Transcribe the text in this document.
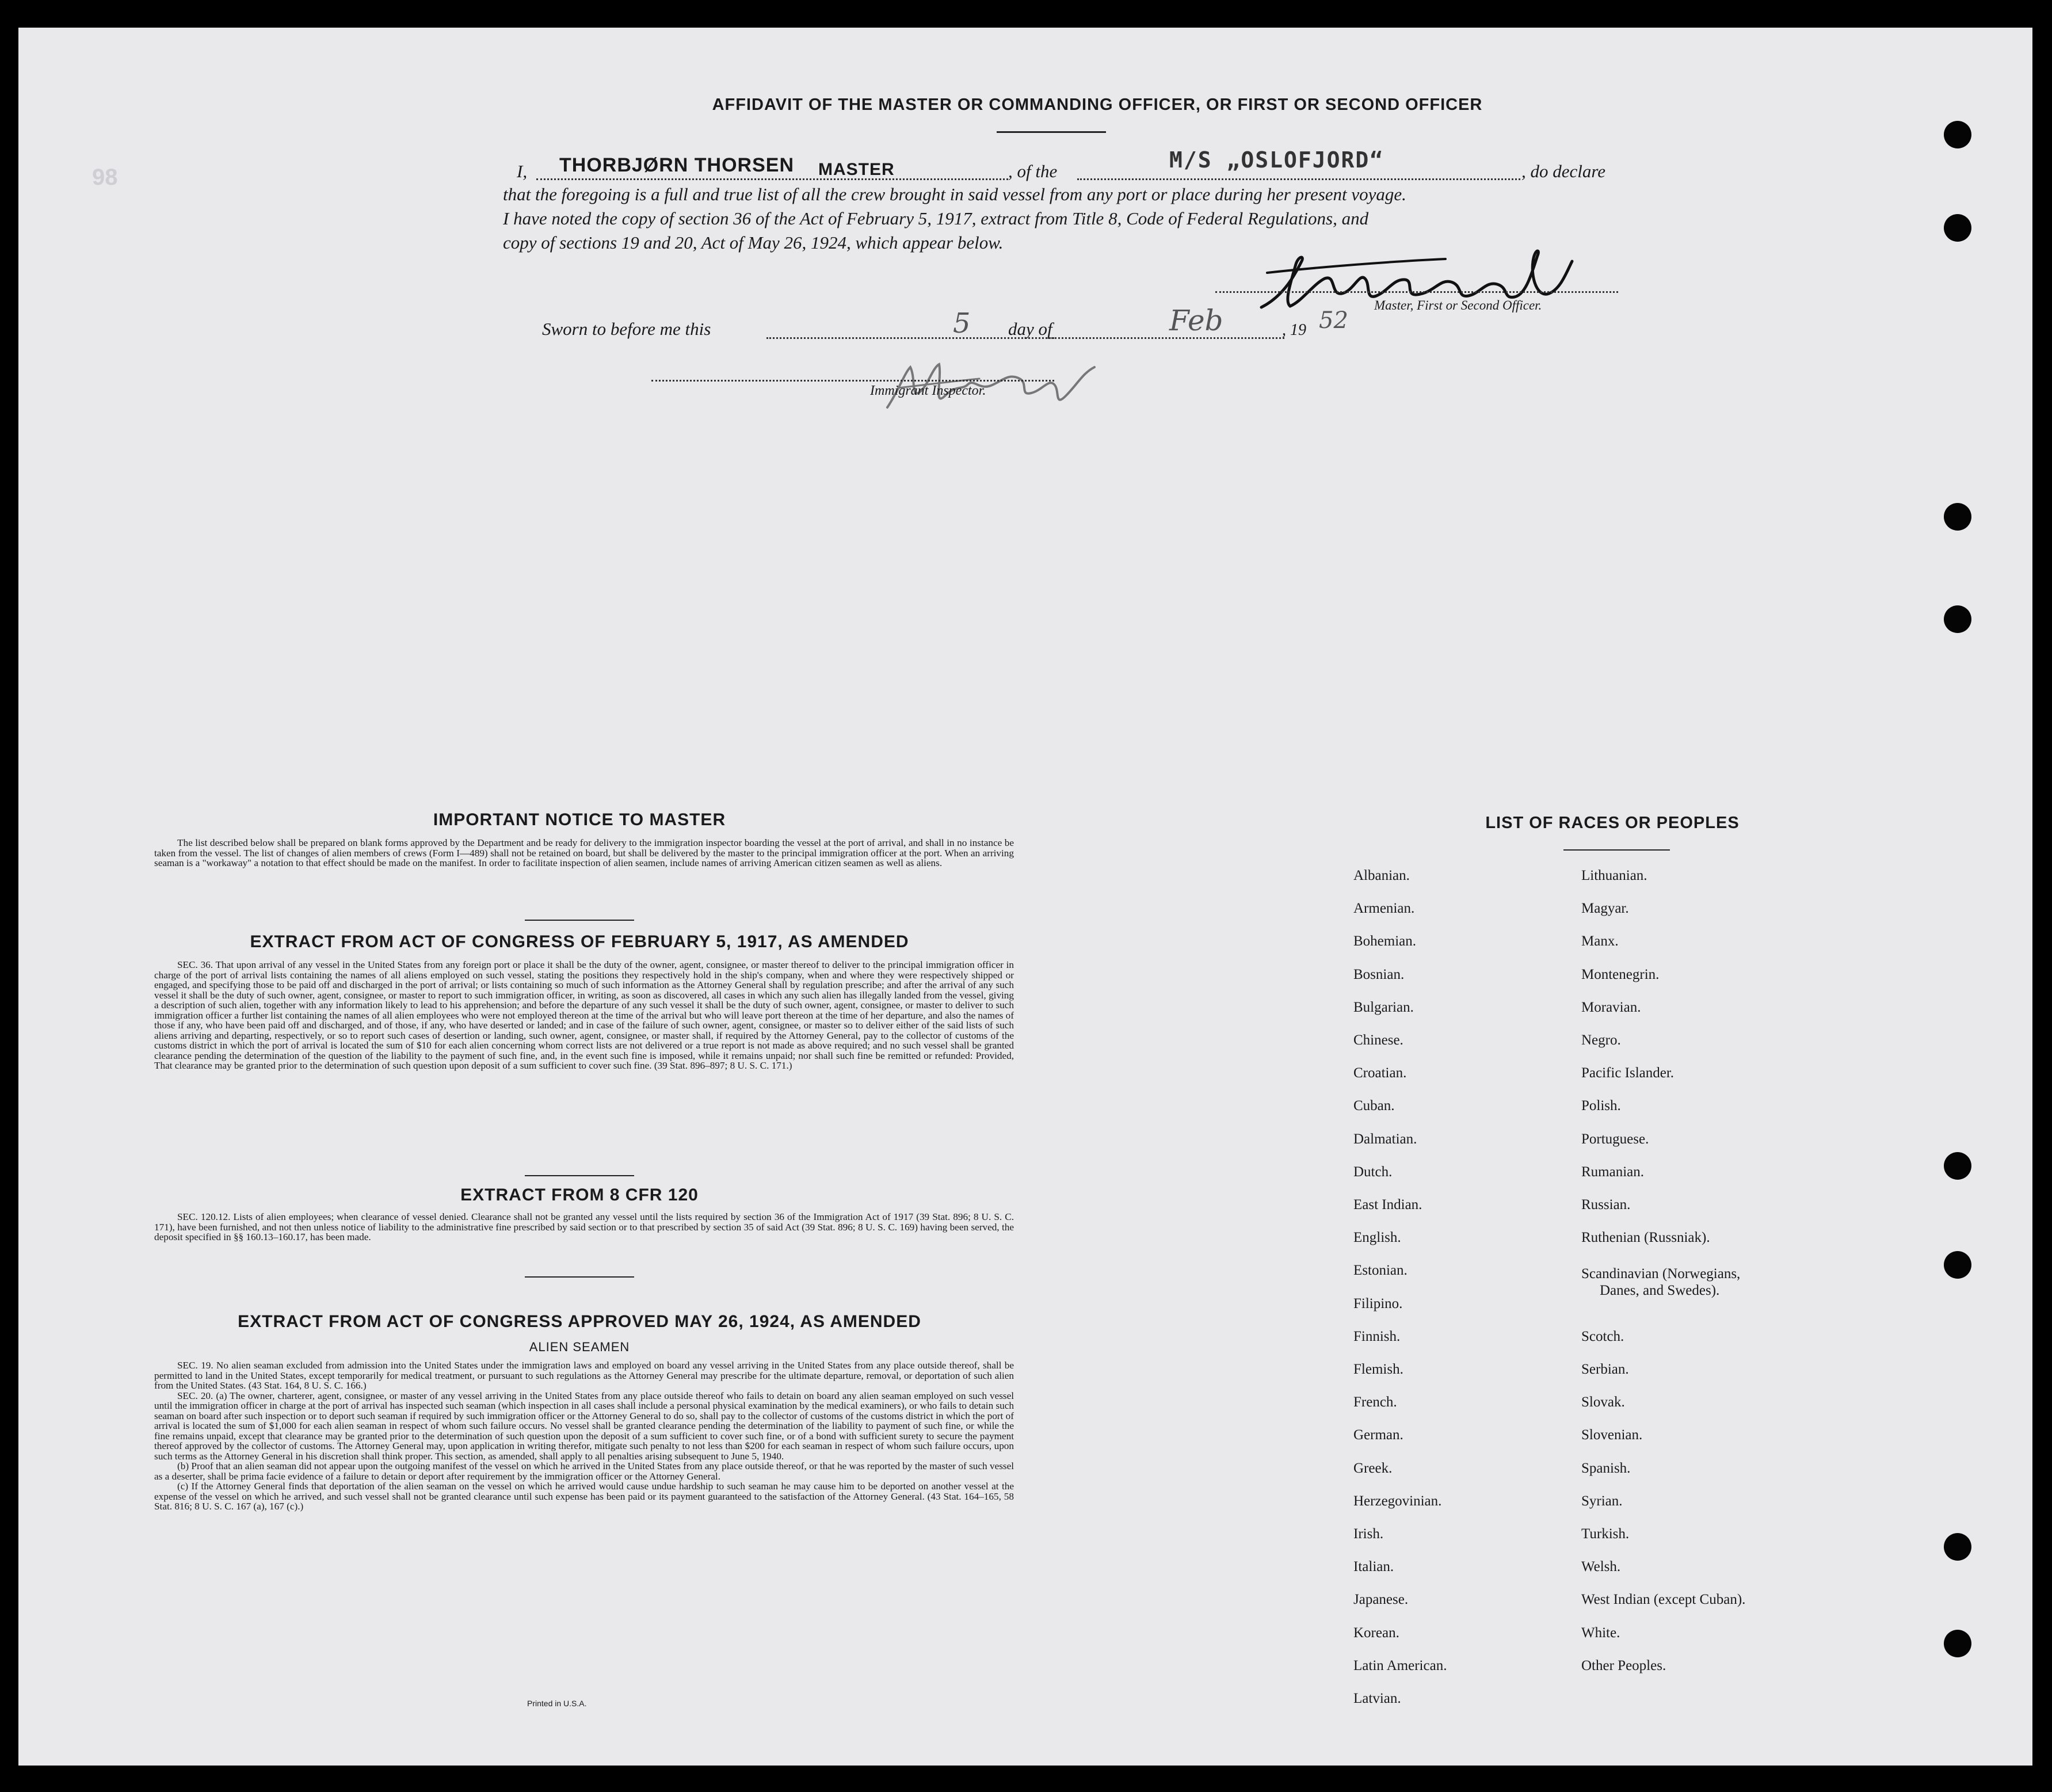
98
AFFIDAVIT OF THE MASTER OR COMMANDING OFFICER, OR FIRST OR SECOND OFFICER
I, THORBJØRN THORSEN MASTER	, of the	M/S „OSLOFJORD“	, do declare
that the foregoing is a full and true list of all the crew brought in said vessel from any port or place during her present voyage.
I have noted the copy of section 36 of the Act of February 5, 1917, extract from Title 8, Code of Federal Regulations, and
copy of sections 19 and 20, Act of May 26, 1924, which appear below.
Master, First or Second Officer.
Sworn to before me this	5 day of	Feb	, 19 52
Immigrant Inspector.
IMPORTANT NOTICE TO MASTER

The list described below shall be prepared on blank forms approved by the Department and be ready for delivery to the immigration inspector boarding the vessel at the port of arrival, and shall in no instance be taken from the vessel. The list of changes of alien members of crews (Form I—489) shall not be retained on board, but shall be delivered by the master to the principal immigration officer at the port. When an arriving seaman is a "workaway" a notation to that effect should be made on the manifest. In order to facilitate inspection of alien seamen, include names of arriving American citizen seamen as well as aliens.

EXTRACT FROM ACT OF CONGRESS OF FEBRUARY 5, 1917, AS AMENDED

SEC. 36. That upon arrival of any vessel in the United States from any foreign port or place it shall be the duty of the owner, agent, consignee, or master thereof to deliver to the principal immigration officer in charge of the port of arrival lists containing the names of all aliens employed on such vessel, stating the positions they respectively hold in the ship's company, when and where they were respectively shipped or engaged, and specifying those to be paid off and discharged in the port of arrival; or lists containing so much of such information as the Attorney General shall by regulation prescribe; and after the arrival of any such vessel it shall be the duty of such owner, agent, consignee, or master to report to such immigration officer, in writing, as soon as discovered, all cases in which any such alien has illegally landed from the vessel, giving a description of such alien, together with any information likely to lead to his apprehension; and before the departure of any such vessel it shall be the duty of such owner, agent, consignee, or master to deliver to such immigration officer a further list containing the names of all alien employees who were not employed thereon at the time of the arrival but who will leave port thereon at the time of her departure, and also the names of those if any, who have been paid off and discharged, and of those, if any, who have deserted or landed; and in case of the failure of such owner, agent, consignee, or master so to deliver either of the said lists of such aliens arriving and departing, respectively, or so to report such cases of desertion or landing, such owner, agent, consignee, or master shall, if required by the Attorney General, pay to the collector of customs of the customs district in which the port of arrival is located the sum of $10 for each alien concerning whom correct lists are not delivered or a true report is not made as above required; and no such vessel shall be granted clearance pending the determination of the question of the liability to the payment of such fine, and, in the event such fine is imposed, while it remains unpaid; nor shall such fine be remitted or refunded: Provided, That clearance may be granted prior to the determination of such question upon deposit of a sum sufficient to cover such fine. (39 Stat. 896–897; 8 U. S. C. 171.)

EXTRACT FROM 8 CFR 120

SEC. 120.12. Lists of alien employees; when clearance of vessel denied. Clearance shall not be granted any vessel until the lists required by section 36 of the Immigration Act of 1917 (39 Stat. 896; 8 U. S. C. 171), have been furnished, and not then unless notice of liability to the administrative fine prescribed by said section or to that prescribed by section 35 of said Act (39 Stat. 896; 8 U. S. C. 169) having been served, the deposit specified in §§ 160.13–160.17, has been made.

EXTRACT FROM ACT OF CONGRESS APPROVED MAY 26, 1924, AS AMENDED
ALIEN SEAMEN

SEC. 19. No alien seaman excluded from admission into the United States under the immigration laws and employed on board any vessel arriving in the United States from any place outside thereof, shall be permitted to land in the United States, except temporarily for medical treatment, or pursuant to such regulations as the Attorney General may prescribe for the ultimate departure, removal, or deportation of such alien from the United States. (43 Stat. 164, 8 U. S. C. 166.)

SEC. 20. (a) The owner, charterer, agent, consignee, or master of any vessel arriving in the United States from any place outside thereof who fails to detain on board any alien seaman employed on such vessel until the immigration officer in charge at the port of arrival has inspected such seaman (which inspection in all cases shall include a personal physical examination by the medical examiners), or who fails to detain such seaman on board after such inspection or to deport such seaman if required by such immigration officer or the Attorney General to do so, shall pay to the collector of customs of the customs district in which the port of arrival is located the sum of $1,000 for each alien seaman in respect of whom such failure occurs. No vessel shall be granted clearance pending the determination of the liability to payment of such fine, or while the fine remains unpaid, except that clearance may be granted prior to the determination of such question upon the deposit of a sum sufficient to cover such fine, or of a bond with sufficient surety to secure the payment thereof approved by the collector of customs. The Attorney General may, upon application in writing therefor, mitigate such penalty to not less than $200 for each seaman in respect of whom such failure occurs, upon such terms as the Attorney General in his discretion shall think proper. This section, as amended, shall apply to all penalties arising subsequent to June 5, 1940.

(b) Proof that an alien seaman did not appear upon the outgoing manifest of the vessel on which he arrived in the United States from any place outside thereof, or that he was reported by the master of such vessel as a deserter, shall be prima facie evidence of a failure to detain or deport after requirement by the immigration officer or the Attorney General.

(c) If the Attorney General finds that deportation of the alien seaman on the vessel on which he arrived would cause undue hardship to such seaman he may cause him to be deported on another vessel at the expense of the vessel on which he arrived, and such vessel shall not be granted clearance until such expense has been paid or its payment guaranteed to the satisfaction of the Attorney General. (43 Stat. 164–165, 58 Stat. 816; 8 U. S. C. 167 (a), 167 (c).)

Printed in U.S.A.
LIST OF RACES OR PEOPLES
Albanian.
Armenian.
Bohemian.
Bosnian.
Bulgarian.
Chinese.
Croatian.
Cuban.
Dalmatian.
Dutch.
East Indian.
English.
Estonian.
Filipino.
Finnish.
Flemish.
French.
German.
Greek.
Herzegovinian.
Irish.
Italian.
Japanese.
Korean.
Latin American.
Latvian.
Lithuanian.
Magyar.
Manx.
Montenegrin.
Moravian.
Negro.
Pacific Islander.
Polish.
Portuguese.
Rumanian.
Russian.
Ruthenian (Russniak).
Scandinavian (Norwegians,
Danes, and Swedes).
Scotch.
Serbian.
Slovak.
Slovenian.
Spanish.
Syrian.
Turkish.
Welsh.
West Indian (except Cuban).
White.
Other Peoples.
